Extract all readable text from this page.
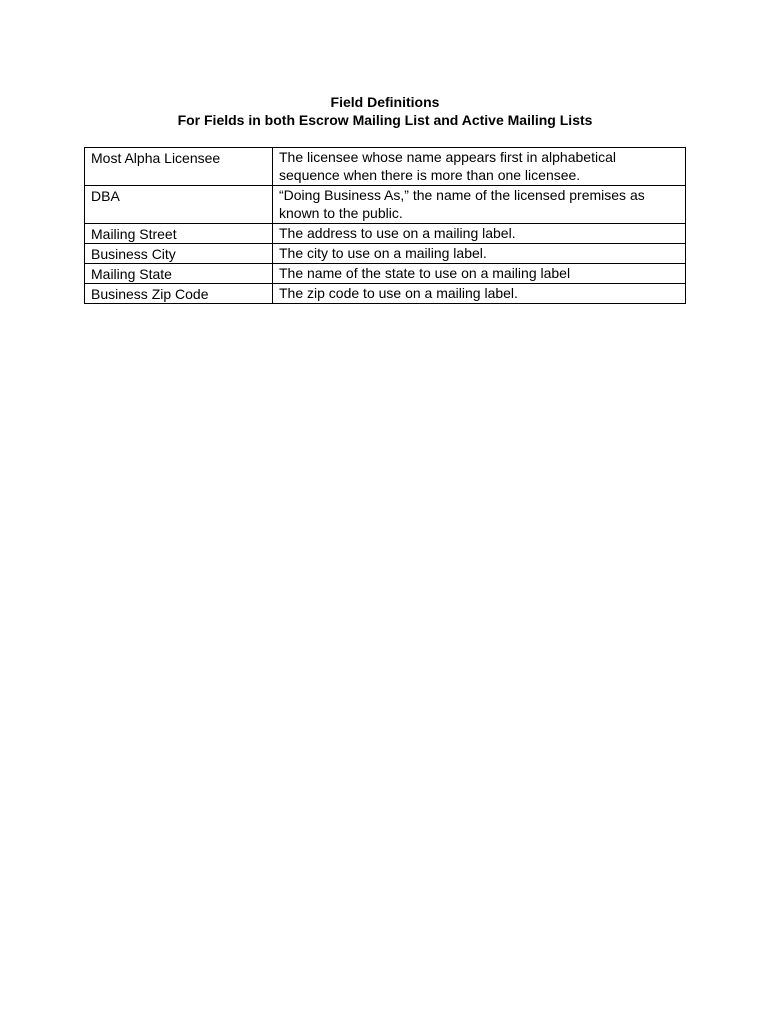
Field Definitions
For Fields in both Escrow Mailing List and Active Mailing Lists
Most Alpha Licensee	The licensee whose name appears first in alphabetical sequence when there is more than one licensee.

DBA	“Doing Business As,” the name of the licensed premises as known to the public.

Mailing Street	The address to use on a mailing label.

Business City	The city to use on a mailing label.

Mailing State	The name of the state to use on a mailing label

Business Zip Code	The zip code to use on a mailing label.
